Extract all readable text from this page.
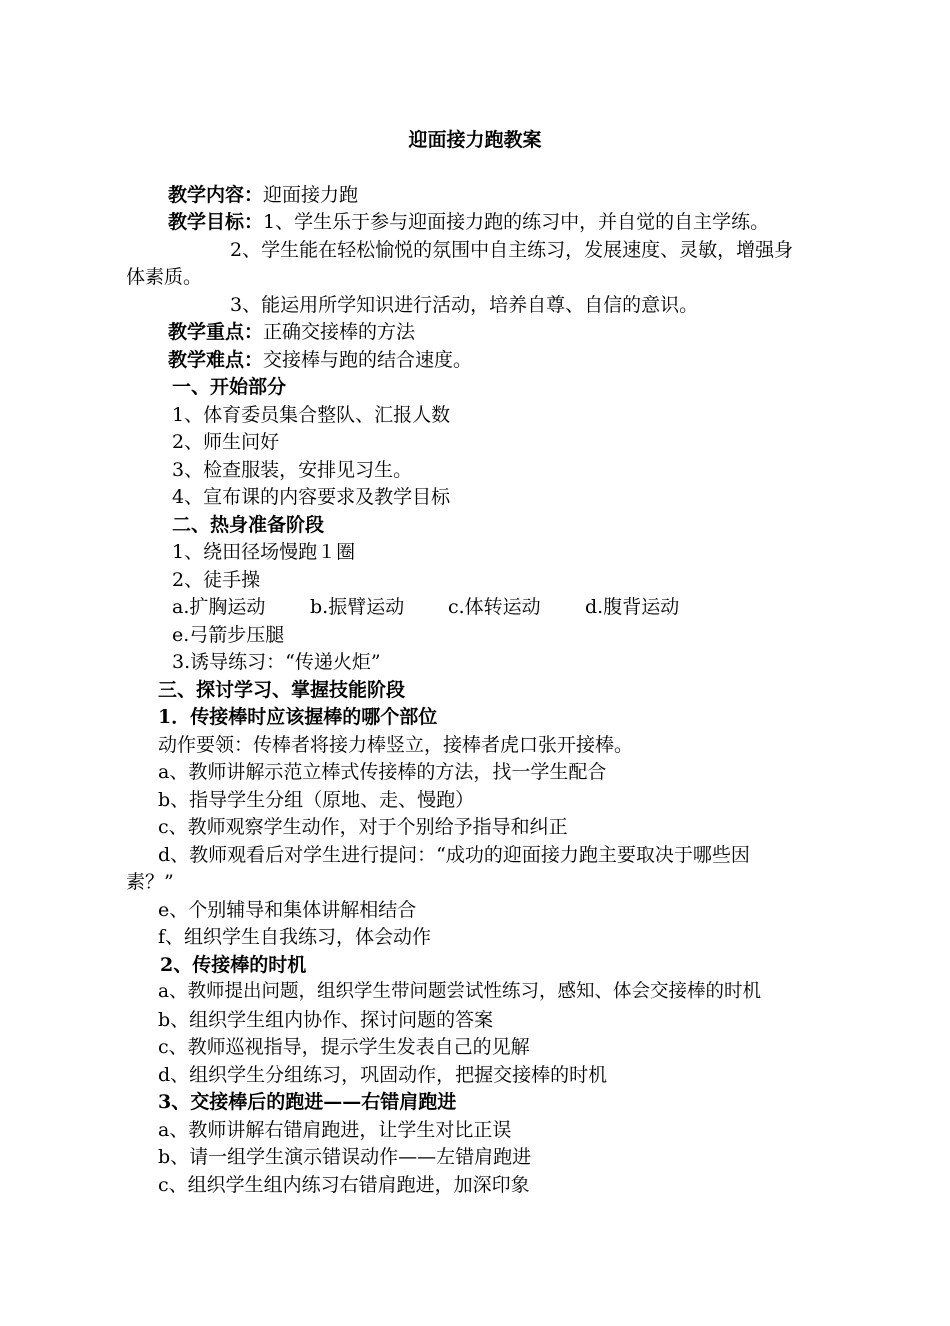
迎面接力跑教案
教学内容：迎面接力跑
教学目标：1、学生乐于参与迎面接力跑的练习中，并自觉的自主学练。
2、学生能在轻松愉悦的氛围中自主练习，发展速度、灵敏，增强身
体素质。
3、能运用所学知识进行活动，培养自尊、自信的意识。
教学重点：正确交接棒的方法
教学难点：交接棒与跑的结合速度。
一、开始部分
1、体育委员集合整队、汇报人数
2、师生问好
3、检查服装，安排见习生。
4、宣布课的内容要求及教学目标
二、热身准备阶段
1、绕田径场慢跑１圈
2、徒手操
a.扩胸运动 b.振臂运动 c.体转运动 d.腹背运动
e.弓箭步压腿
3.诱导练习：“传递火炬”
三、探讨学习、掌握技能阶段
1．传接棒时应该握棒的哪个部位
动作要领：传棒者将接力棒竖立，接棒者虎口张开接棒。
a、教师讲解示范立棒式传接棒的方法，找一学生配合
b、指导学生分组（原地、走、慢跑）
c、教师观察学生动作，对于个别给予指导和纠正
d、教师观看后对学生进行提问：“成功的迎面接力跑主要取决于哪些因
素？”
e、个别辅导和集体讲解相结合
f、组织学生自我练习，体会动作
2、传接棒的时机
a、教师提出问题，组织学生带问题尝试性练习，感知、体会交接棒的时机
b、组织学生组内协作、探讨问题的答案
c、教师巡视指导，提示学生发表自己的见解
d、组织学生分组练习，巩固动作，把握交接棒的时机
3、交接棒后的跑进——右错肩跑进
a、教师讲解右错肩跑进，让学生对比正误
b、请一组学生演示错误动作——左错肩跑进
c、组织学生组内练习右错肩跑进，加深印象
